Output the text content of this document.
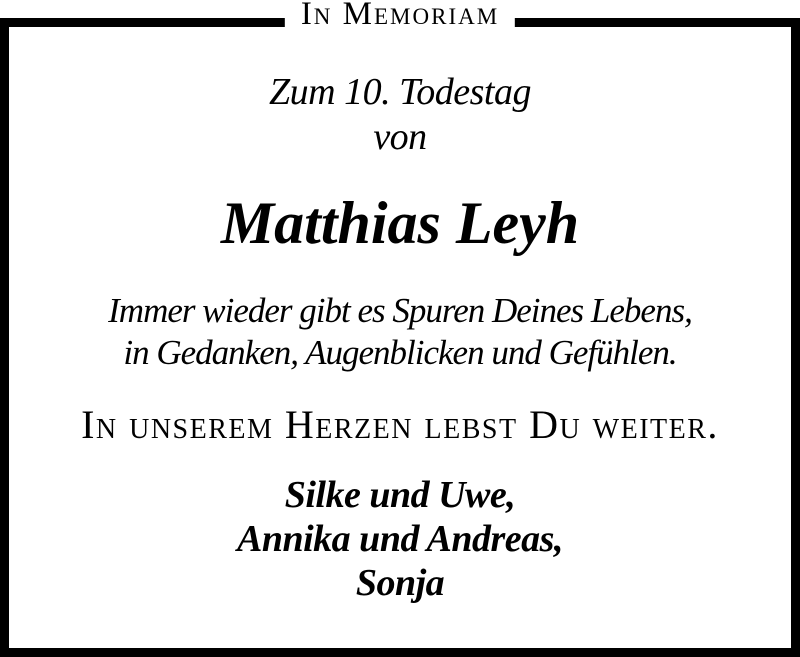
In Memoriam
Zum 10. Todestag
von
Matthias Leyh
Immer wieder gibt es Spuren Deines Lebens,
in Gedanken, Augenblicken und Gefühlen.
In unserem Herzen lebst Du weiter.
Silke und Uwe,
Annika und Andreas,
Sonja
